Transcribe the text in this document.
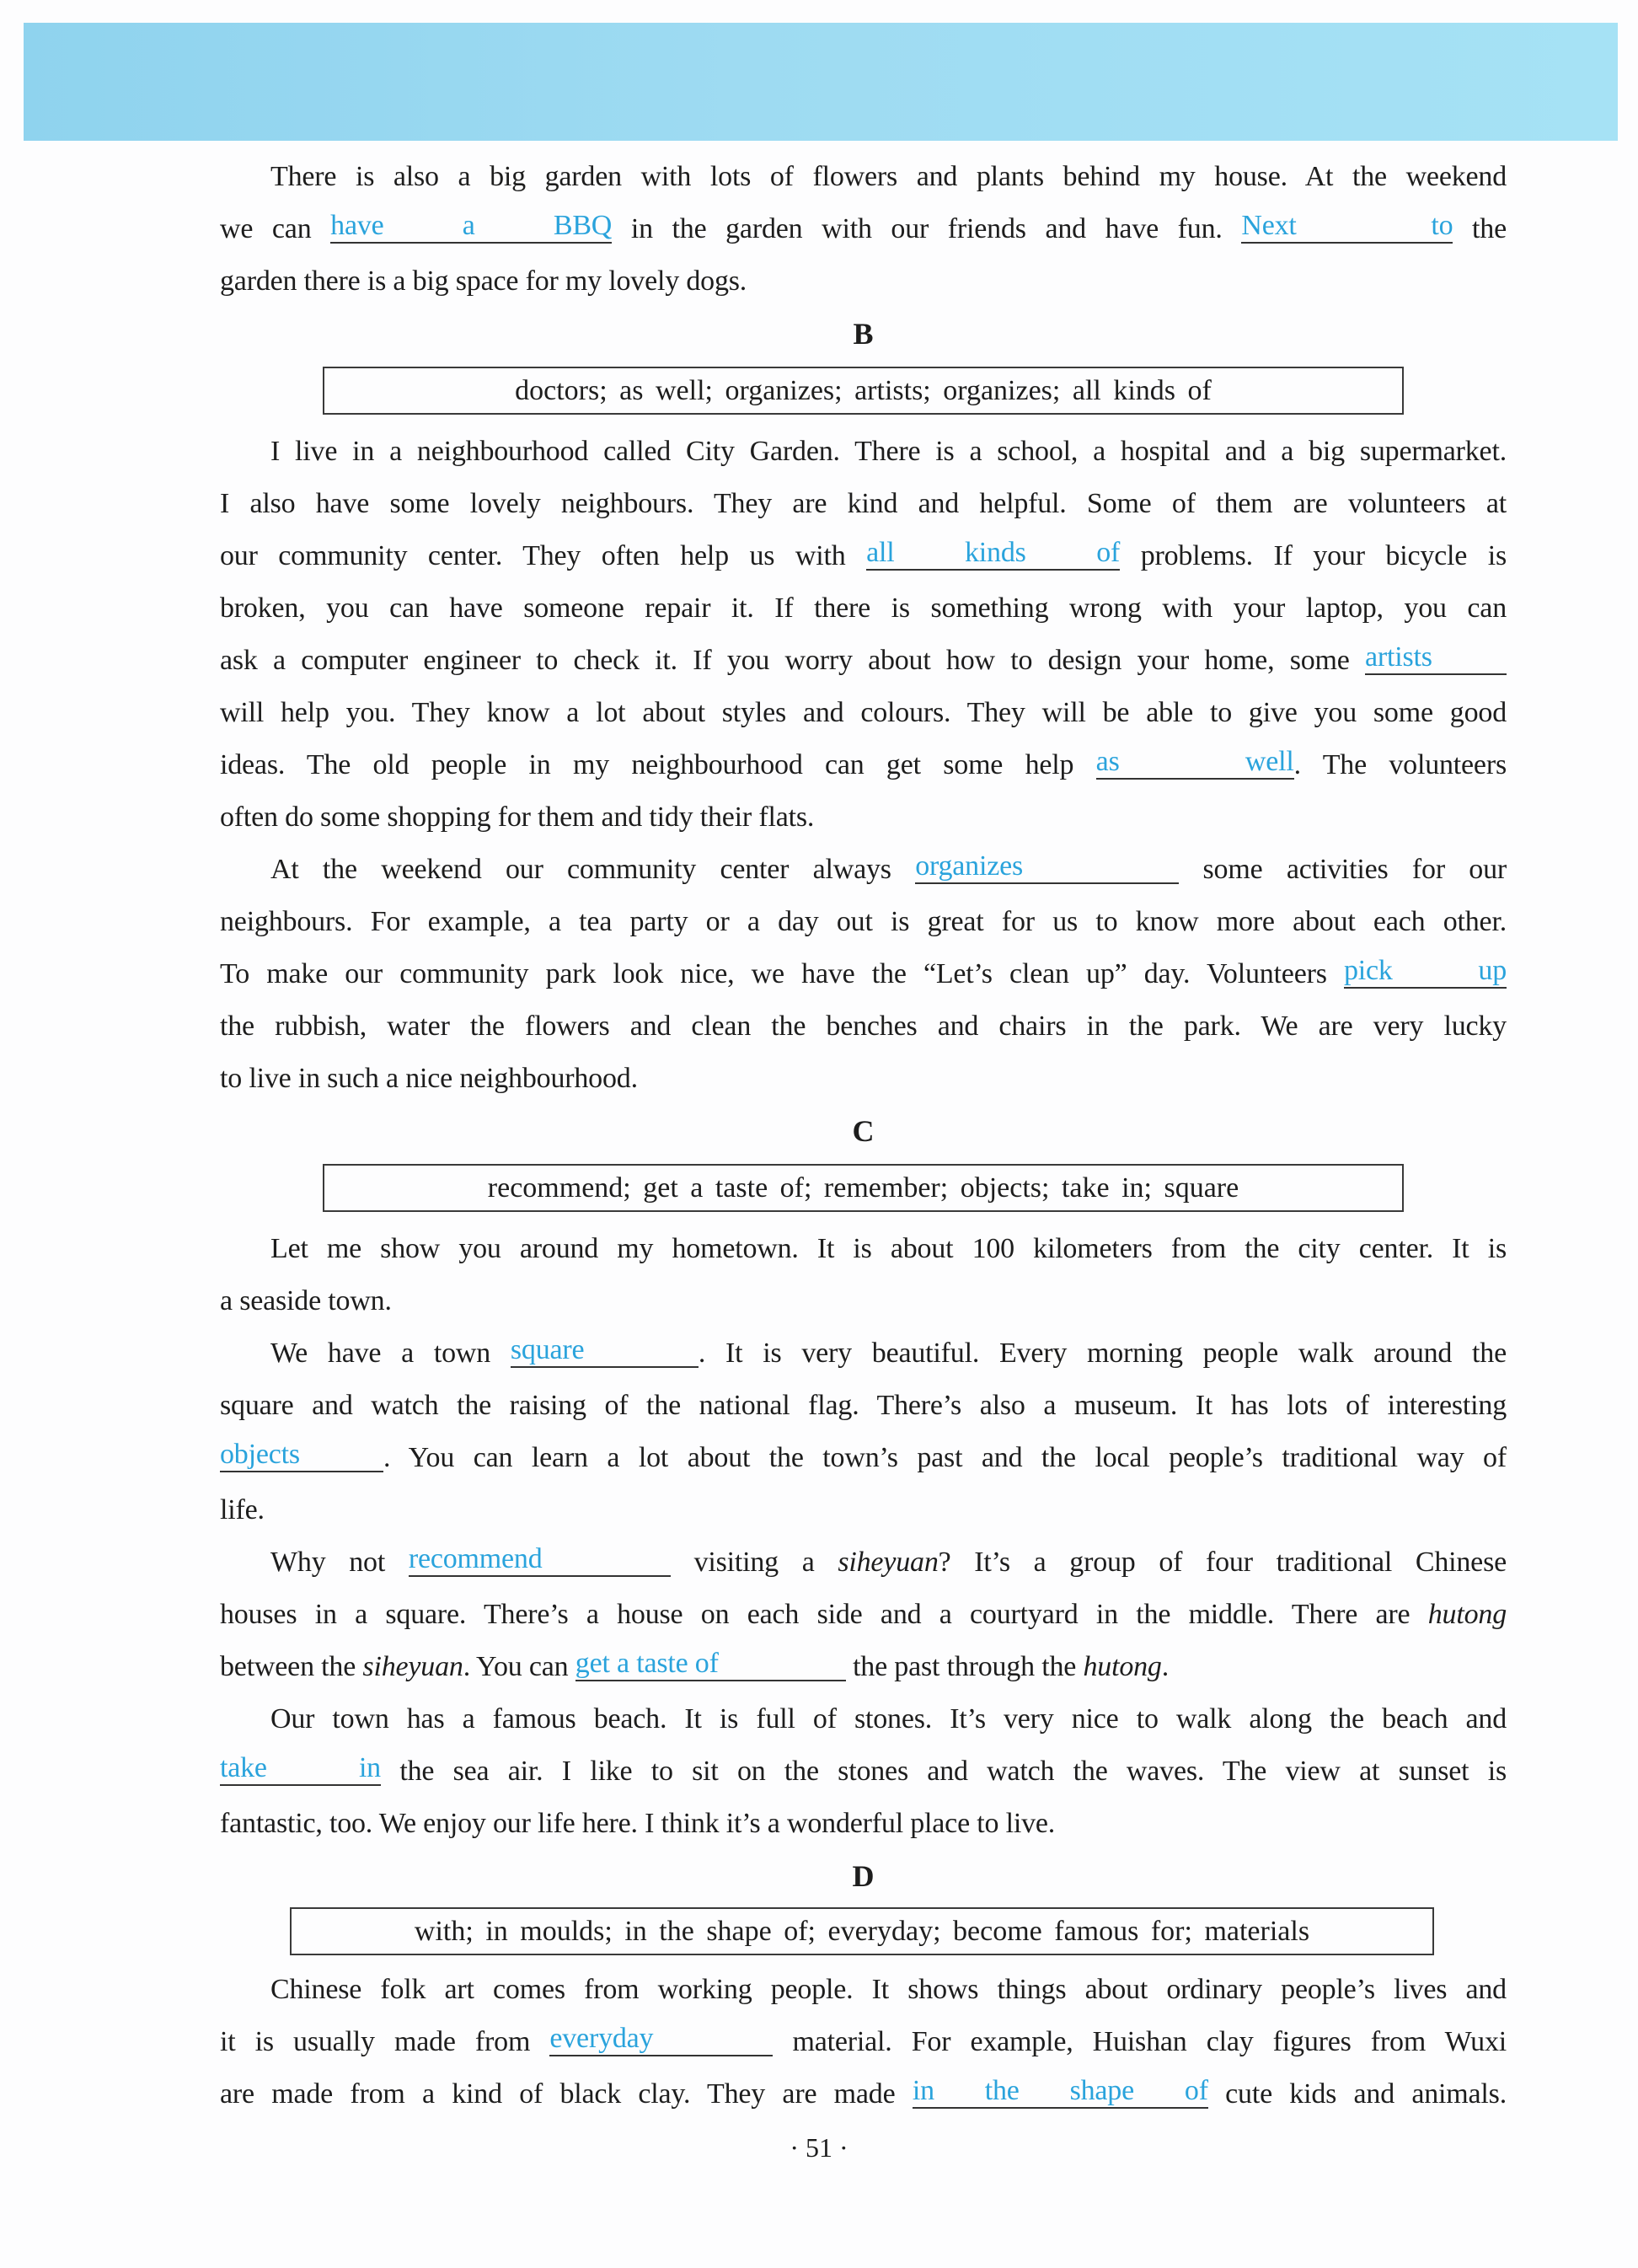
There is also a big garden with lots of flowers and plants behind my house. At the weekend
we can have a BBQ in the garden with our friends and have fun. Next to the
garden there is a big space for my lovely dogs.
B
doctors; as well; organizes; artists; organizes; all kinds of
I live in a neighbourhood called City Garden. There is a school, a hospital and a big supermarket.
I also have some lovely neighbours. They are kind and helpful. Some of them are volunteers at
our community center. They often help us with all kinds of problems. If your bicycle is
broken, you can have someone repair it. If there is something wrong with your laptop, you can
ask a computer engineer to check it. If you worry about how to design your home, some artists
will help you. They know a lot about styles and colours. They will be able to give you some good
ideas. The old people in my neighbourhood can get some help as well. The volunteers
often do some shopping for them and tidy their flats.
At the weekend our community center always organizes	some activities for our
neighbours. For example, a tea party or a day out is great for us to know more about each other.
To make our community park look nice, we have the “Let’s clean up” day. Volunteers pick up
the rubbish, water the flowers and clean the benches and chairs in the park. We are very lucky
to live in such a nice neighbourhood.
C
recommend; get a taste of; remember; objects; take in; square
Let me show you around my hometown. It is about 100 kilometers from the city center. It is
a seaside town.
We have a town square	. It is very beautiful. Every morning people walk around the
square and watch the raising of the national flag. There’s also a museum. It has lots of interesting
objects	. You can learn a lot about the town’s past and the local people’s traditional way of
life.
Why not recommend	visiting a siheyuan? It’s a group of four traditional Chinese
houses in a square. There’s a house on each side and a courtyard in the middle. There are hutong
between the siheyuan. You can get a taste of	the past through the hutong.
Our town has a famous beach. It is full of stones. It’s very nice to walk along the beach and
take in the sea air. I like to sit on the stones and watch the waves. The view at sunset is
fantastic, too. We enjoy our life here. I think it’s a wonderful place to live.
D
with; in moulds; in the shape of; everyday; become famous for; materials
Chinese folk art comes from working people. It shows things about ordinary people’s lives and
it is usually made from everyday	material. For example, Huishan clay figures from Wuxi
are made from a kind of black clay. They are made in the shape of cute kids and animals.
· 51 ·
